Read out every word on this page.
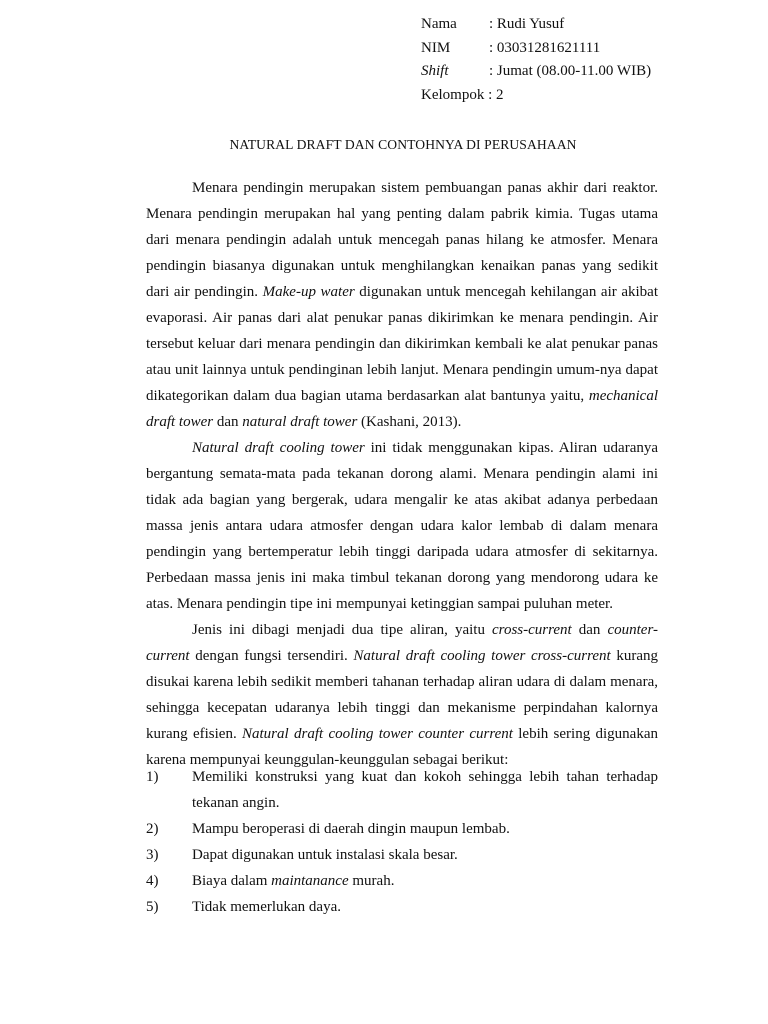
Nama : Rudi Yusuf
NIM	: 03031281621111
Shift	: Jumat (08.00-11.00 WIB)
Kelompok : 2
NATURAL DRAFT DAN CONTOHNYA DI PERUSAHAAN

Menara pendingin merupakan sistem pembuangan panas akhir dari reaktor. Menara pendingin merupakan hal yang penting dalam pabrik kimia. Tugas utama dari menara pendingin adalah untuk mencegah panas hilang ke atmosfer. Menara pendingin biasanya digunakan untuk menghilangkan kenaikan panas yang sedikit dari air pendingin. Make-up water digunakan untuk mencegah kehilangan air akibat evaporasi. Air panas dari alat penukar panas dikirimkan ke menara pendingin. Air tersebut keluar dari menara pendingin dan dikirimkan kembali ke alat penukar panas atau unit lainnya untuk pendinginan lebih lanjut. Menara pendingin umum-nya dapat dikategorikan dalam dua bagian utama berdasarkan alat bantunya yaitu, mechanical draft tower dan natural draft tower (Kashani, 2013).

Natural draft cooling tower ini tidak menggunakan kipas. Aliran udaranya bergantung semata-mata pada tekanan dorong alami. Menara pendingin alami ini tidak ada bagian yang bergerak, udara mengalir ke atas akibat adanya perbedaan massa jenis antara udara atmosfer dengan udara kalor lembab di dalam menara pendingin yang bertemperatur lebih tinggi daripada udara atmosfer di sekitarnya. Perbedaan massa jenis ini maka timbul tekanan dorong yang mendorong udara ke atas. Menara pendingin tipe ini mempunyai ketinggian sampai puluhan meter.

Jenis ini dibagi menjadi dua tipe aliran, yaitu cross-current dan counter-current dengan fungsi tersendiri. Natural draft cooling tower cross-current kurang disukai karena lebih sedikit memberi tahanan terhadap aliran udara di dalam menara, sehingga kecepatan udaranya lebih tinggi dan mekanisme perpindahan kalornya kurang efisien. Natural draft cooling tower counter current lebih sering digunakan karena mempunyai keunggulan-keunggulan sebagai berikut:

1) Memiliki konstruksi yang kuat dan kokoh sehingga lebih tahan terhadap tekanan angin.
2) Mampu beroperasi di daerah dingin maupun lembab.
3) Dapat digunakan untuk instalasi skala besar.
4) Biaya dalam maintanance murah.
5) Tidak memerlukan daya.
